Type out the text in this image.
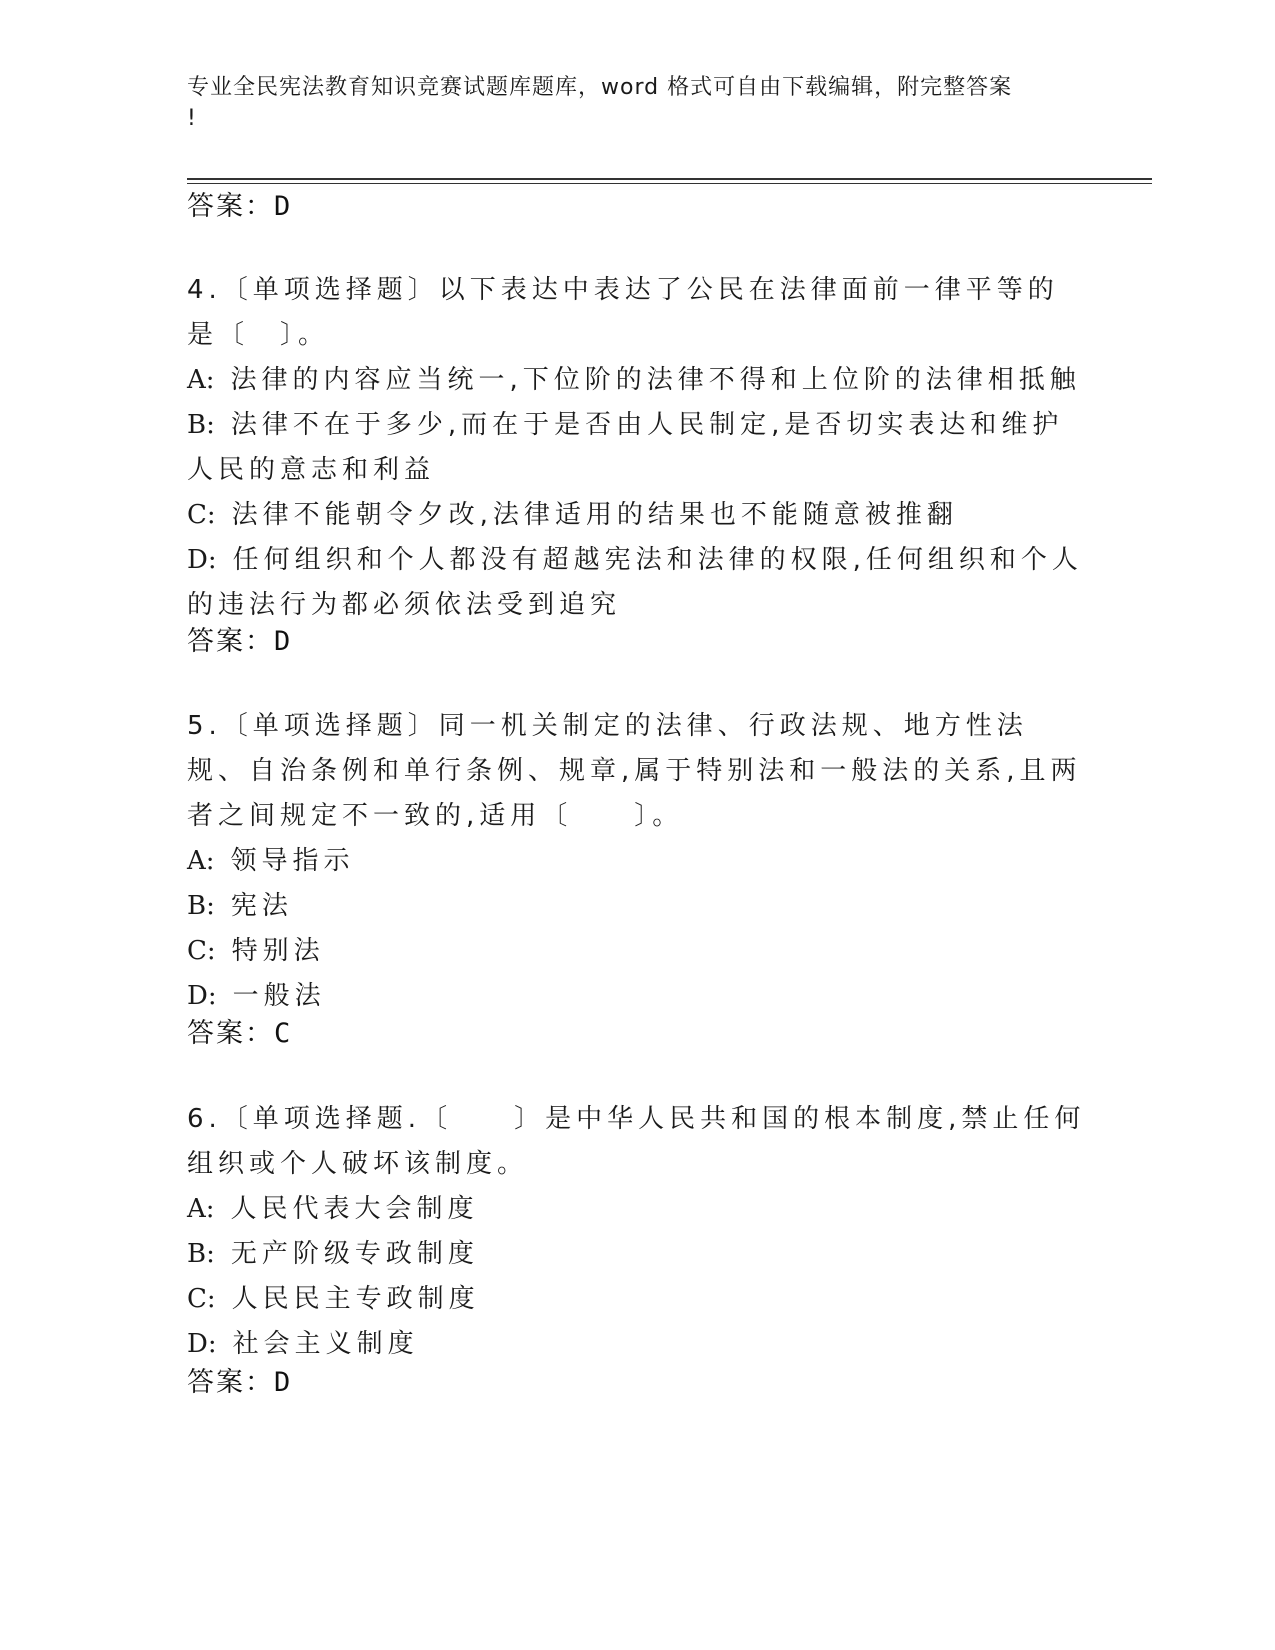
专业全民宪法教育知识竞赛试题库题库，word 格式可自由下载编辑，附完整答案
!
答案：D

4.〔单项选择题〕以下表达中表达了公民在法律面前一律平等的是〔　〕。

A: 法律的内容应当统一,下位阶的法律不得和上位阶的法律相抵触

B: 法律不在于多少,而在于是否由人民制定,是否切实表达和维护人民的意志和利益

C: 法律不能朝令夕改,法律适用的结果也不能随意被推翻

D: 任何组织和个人都没有超越宪法和法律的权限,任何组织和个人的违法行为都必须依法受到追究

答案：D

5.〔单项选择题〕同一机关制定的法律、行政法规、地方性法规、自治条例和单行条例、规章,属于特别法和一般法的关系,且两者之间规定不一致的,适用〔　　〕。

A: 领导指示

B: 宪法

C: 特别法

D: 一般法

答案：C

6.〔单项选择题.〔　　〕是中华人民共和国的根本制度,禁止任何组织或个人破坏该制度。

A: 人民代表大会制度

B: 无产阶级专政制度

C: 人民民主专政制度

D: 社会主义制度

答案：D
